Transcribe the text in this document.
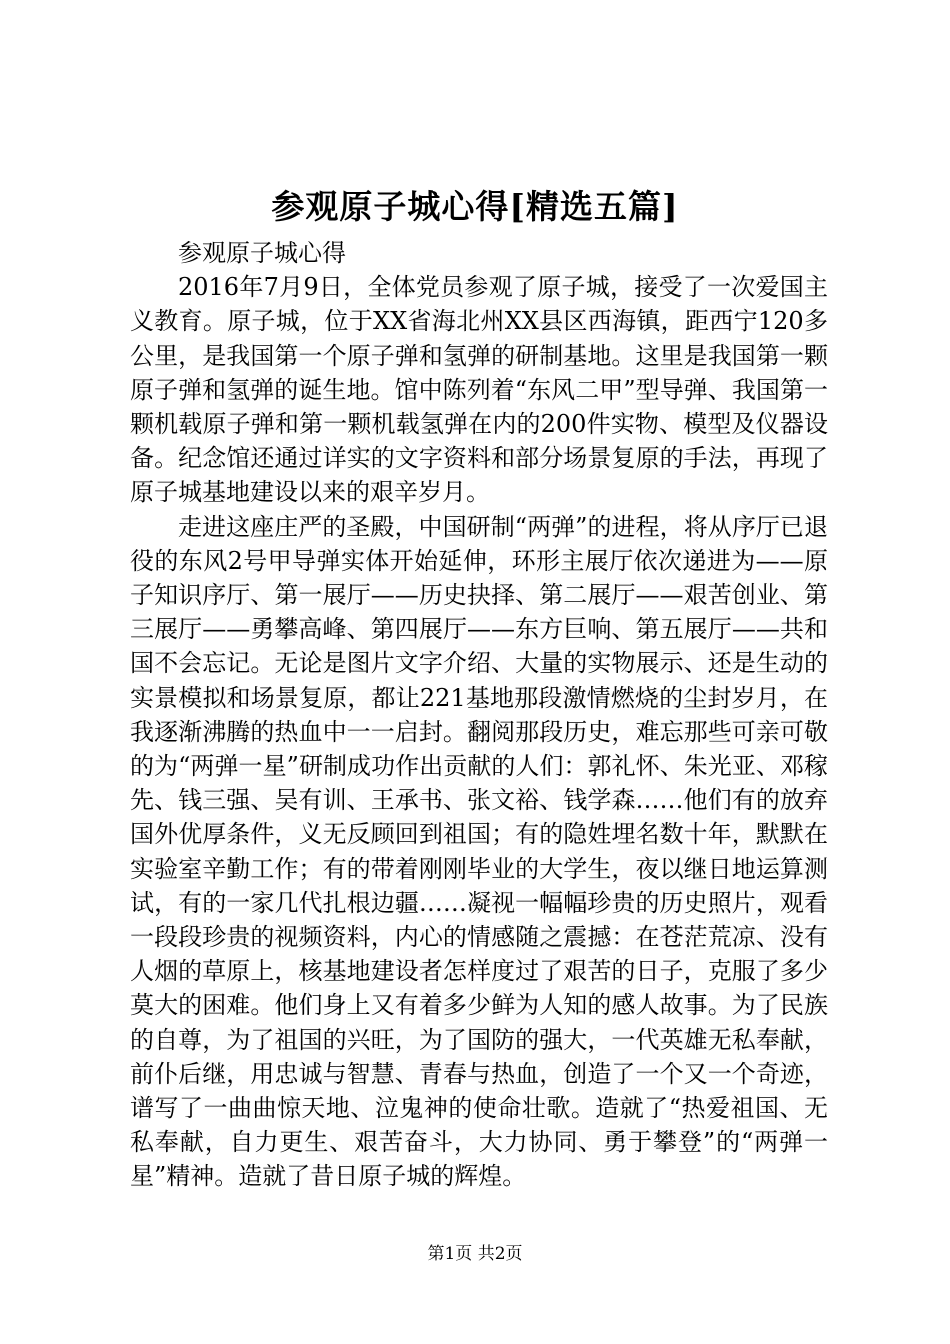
参观原子城心得[精选五篇]

参观原子城心得

2016年7月9日，全体党员参观了原子城，接受了一次爱国主义教育。原子城，位于XX省海北州XX县区西海镇，距西宁120多公里，是我国第一个原子弹和氢弹的研制基地。这里是我国第一颗原子弹和氢弹的诞生地。馆中陈列着“东风二甲”型导弹、我国第一颗机载原子弹和第一颗机载氢弹在内的200件实物、模型及仪器设备。纪念馆还通过详实的文字资料和部分场景复原的手法，再现了原子城基地建设以来的艰辛岁月。

走进这座庄严的圣殿，中国研制“两弹”的进程，将从序厅已退役的东风2号甲导弹实体开始延伸，环形主展厅依次递进为——原子知识序厅、第一展厅——历史抉择、第二展厅——艰苦创业、第三展厅——勇攀高峰、第四展厅——东方巨响、第五展厅——共和国不会忘记。无论是图片文字介绍、大量的实物展示、还是生动的实景模拟和场景复原，都让221基地那段激情燃烧的尘封岁月，在我逐渐沸腾的热血中一一启封。翻阅那段历史，难忘那些可亲可敬的为“两弹一星”研制成功作出贡献的人们：郭礼怀、朱光亚、邓稼先、钱三强、吴有训、王承书、张文裕、钱学森……他们有的放弃国外优厚条件，义无反顾回到祖国；有的隐姓埋名数十年，默默在实验室辛勤工作；有的带着刚刚毕业的大学生，夜以继日地运算测试，有的一家几代扎根边疆……凝视一幅幅珍贵的历史照片，观看一段段珍贵的视频资料，内心的情感随之震撼：在苍茫荒凉、没有人烟的草原上，核基地建设者怎样度过了艰苦的日子，克服了多少莫大的困难。他们身上又有着多少鲜为人知的感人故事。为了民族的自尊，为了祖国的兴旺，为了国防的强大，一代英雄无私奉献，前仆后继，用忠诚与智慧、青春与热血，创造了一个又一个奇迹，谱写了一曲曲惊天地、泣鬼神的使命壮歌。造就了“热爱祖国、无私奉献，自力更生、艰苦奋斗，大力协同、勇于攀登”的“两弹一星”精神。造就了昔日原子城的辉煌。

第1页 共2页
